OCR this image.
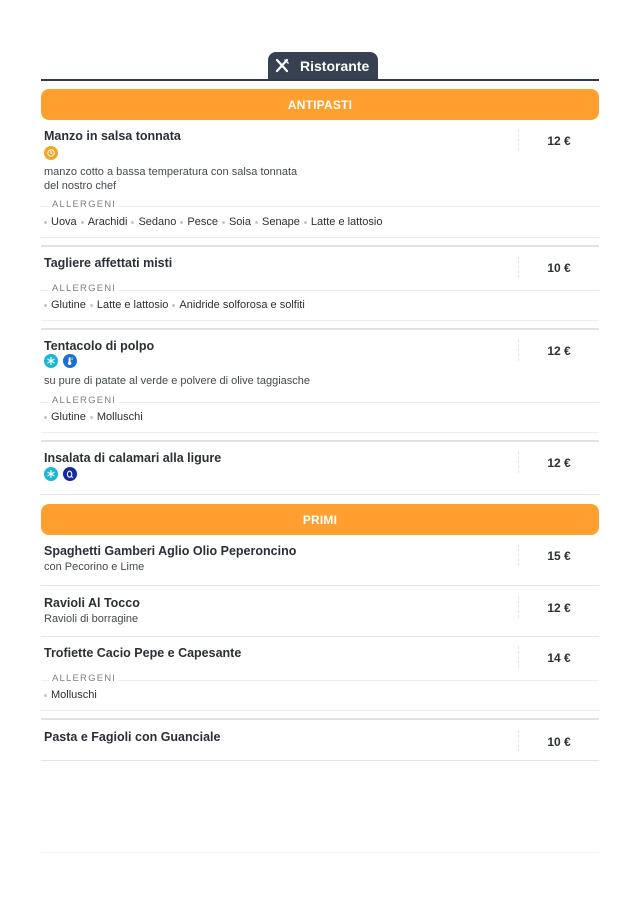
Ristorante
ANTIPASTI
Manzo in salsa tonnata	12 €
manzo cotto a bassa temperatura con salsa tonnata del nostro chef
ALLERGENI
Uova Arachidi Sedano Pesce Soia Senape Latte e lattosio
Tagliere affettati misti	10 €
ALLERGENI
Glutine Latte e lattosio Anidride solforosa e solfiti
Tentacolo di polpo	12 €
su pure di patate al verde e polvere di olive taggiasche
ALLERGENI
Glutine Molluschi
Insalata di calamari alla ligure	12 €
PRIMI
Spaghetti Gamberi Aglio Olio Peperoncino	15 €
con Pecorino e Lime
Ravioli Al Tocco	12 €
Ravioli di borragine
Trofiette Cacio Pepe e Capesante	14 €
ALLERGENI
Molluschi
Pasta e Fagioli con Guanciale	10 €
